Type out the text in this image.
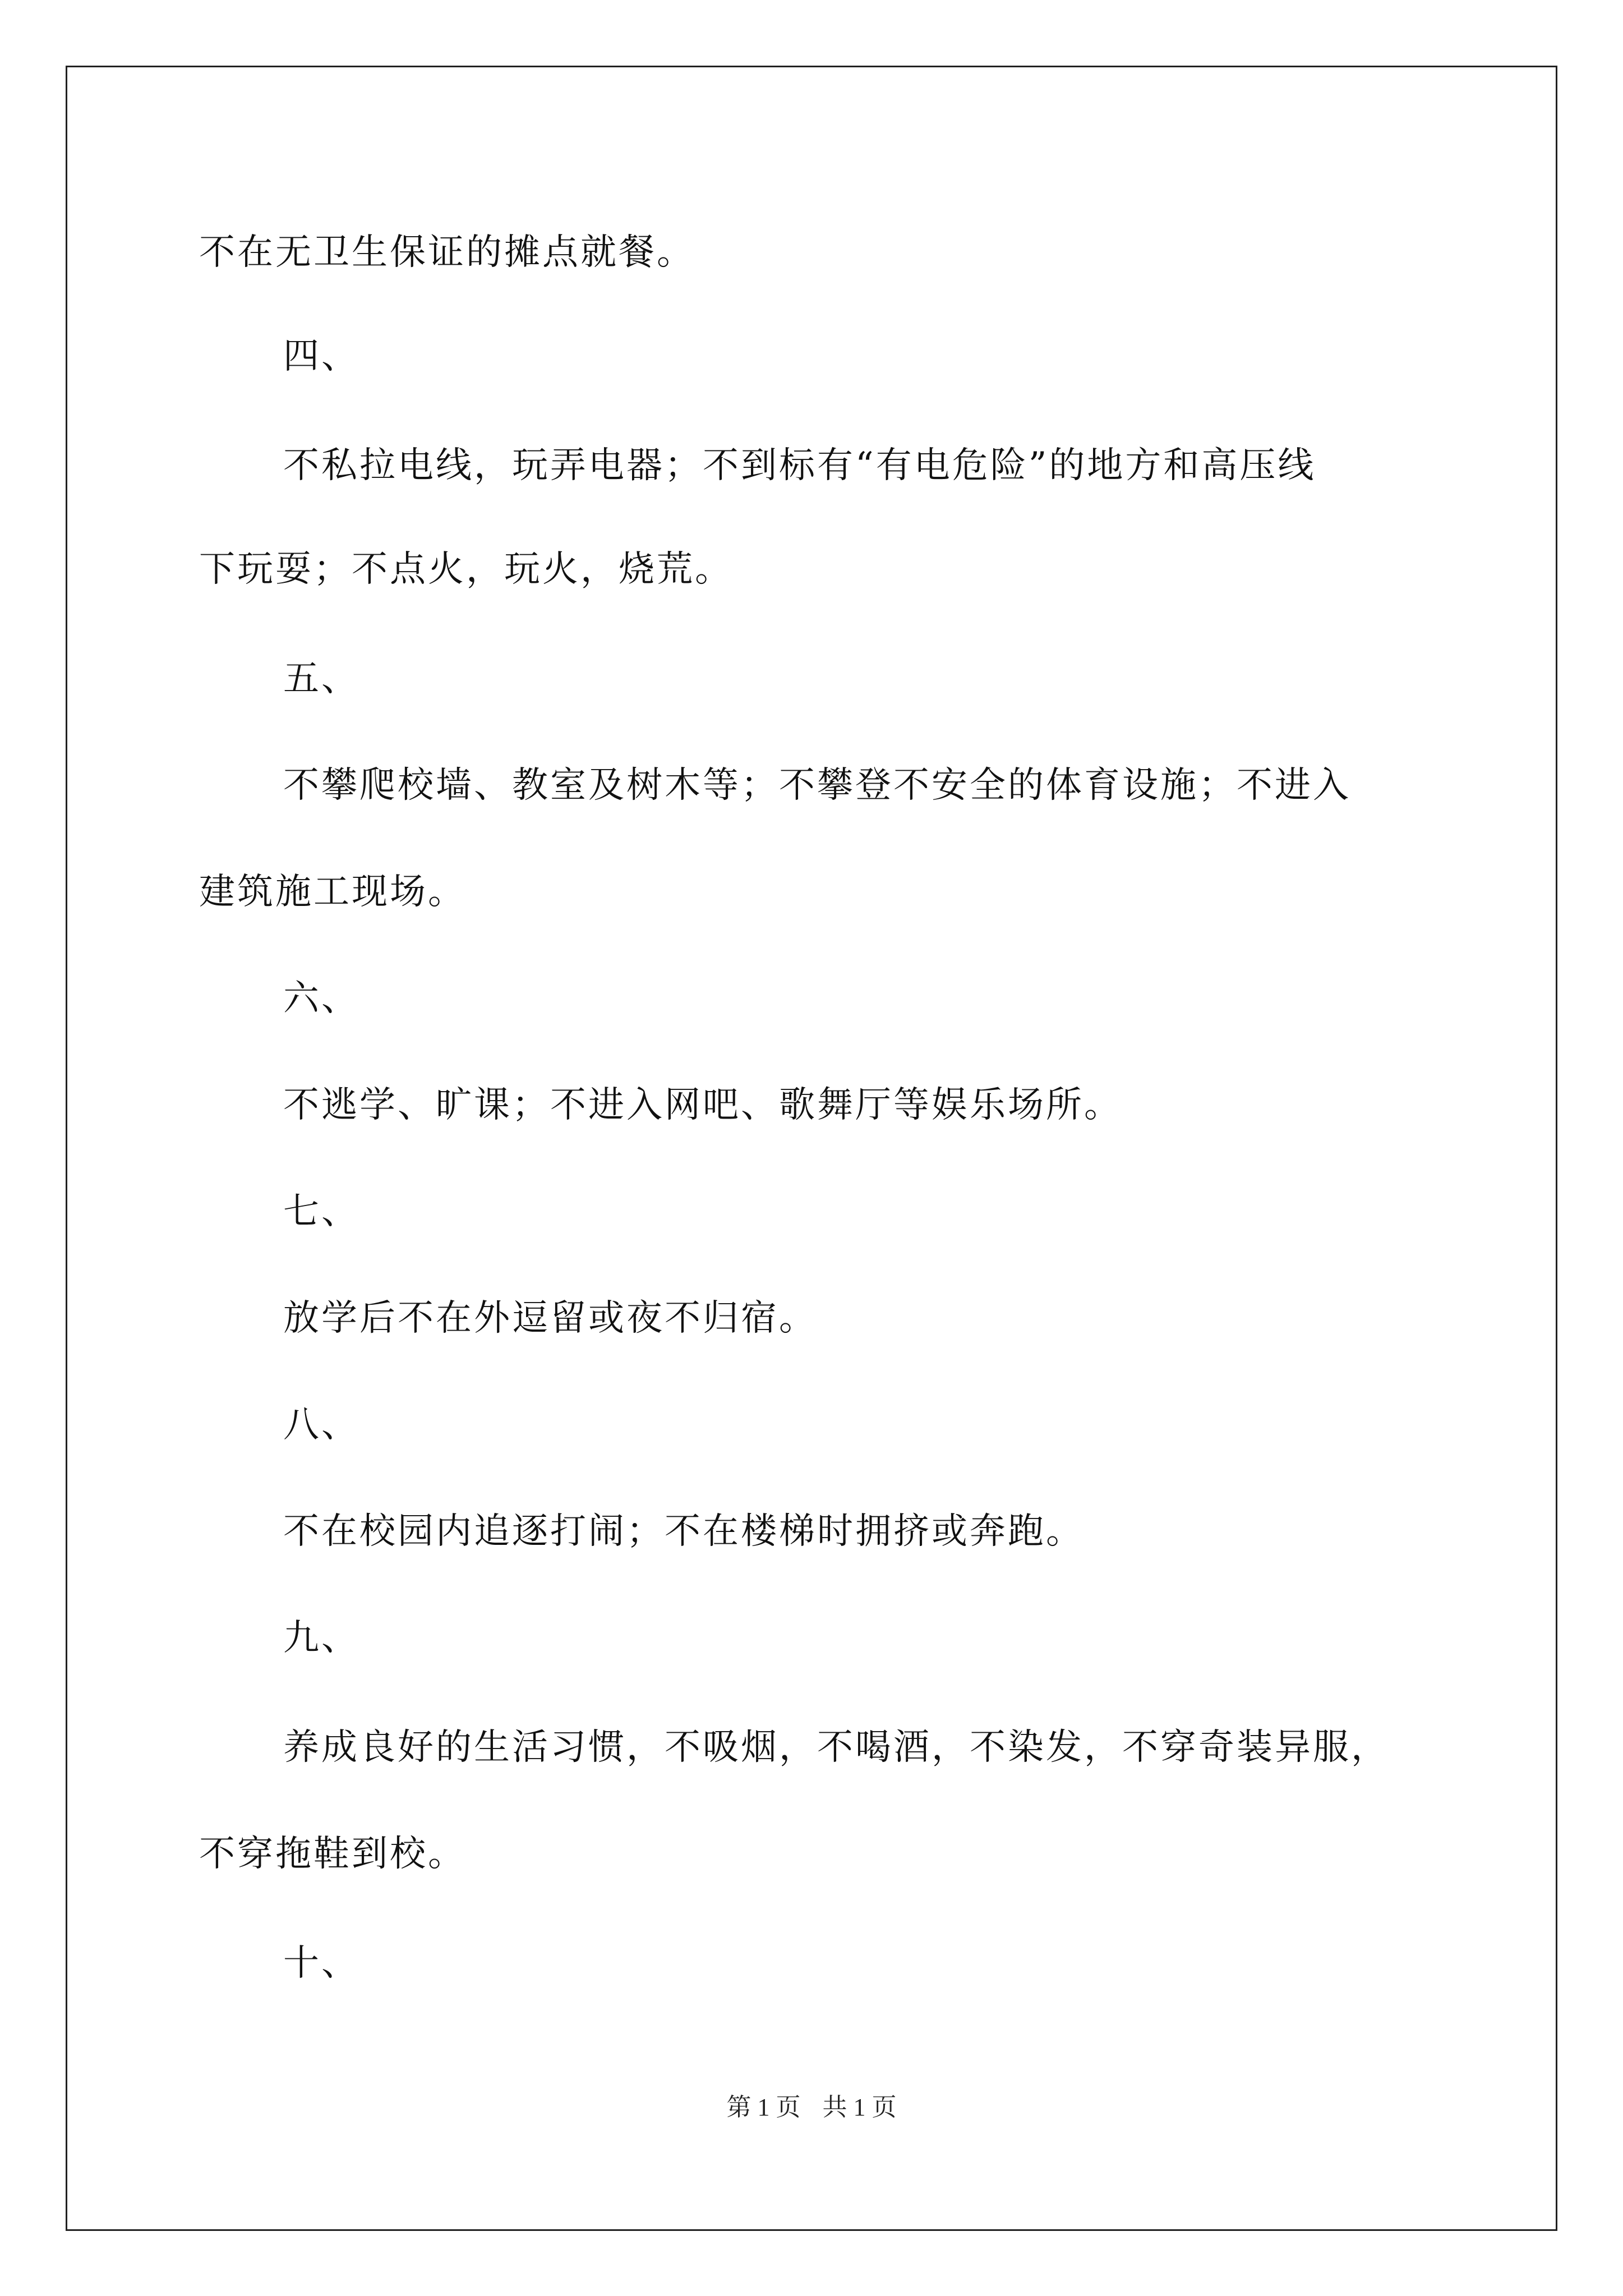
不在无卫生保证的摊点就餐。
四、
不私拉电线，玩弄电器；不到标有“有电危险”的地方和高压线
下玩耍；不点火，玩火，烧荒。
五、
不攀爬校墙、教室及树木等；不攀登不安全的体育设施；不进入
建筑施工现场。
六、
不逃学、旷课；不进入网吧、歌舞厅等娱乐场所。
七、
放学后不在外逗留或夜不归宿。
八、
不在校园内追逐打闹；不在楼梯时拥挤或奔跑。
九、
养成良好的生活习惯，不吸烟，不喝酒，不染发，不穿奇装异服，
不穿拖鞋到校。
十、
第 1 页 共 1 页
